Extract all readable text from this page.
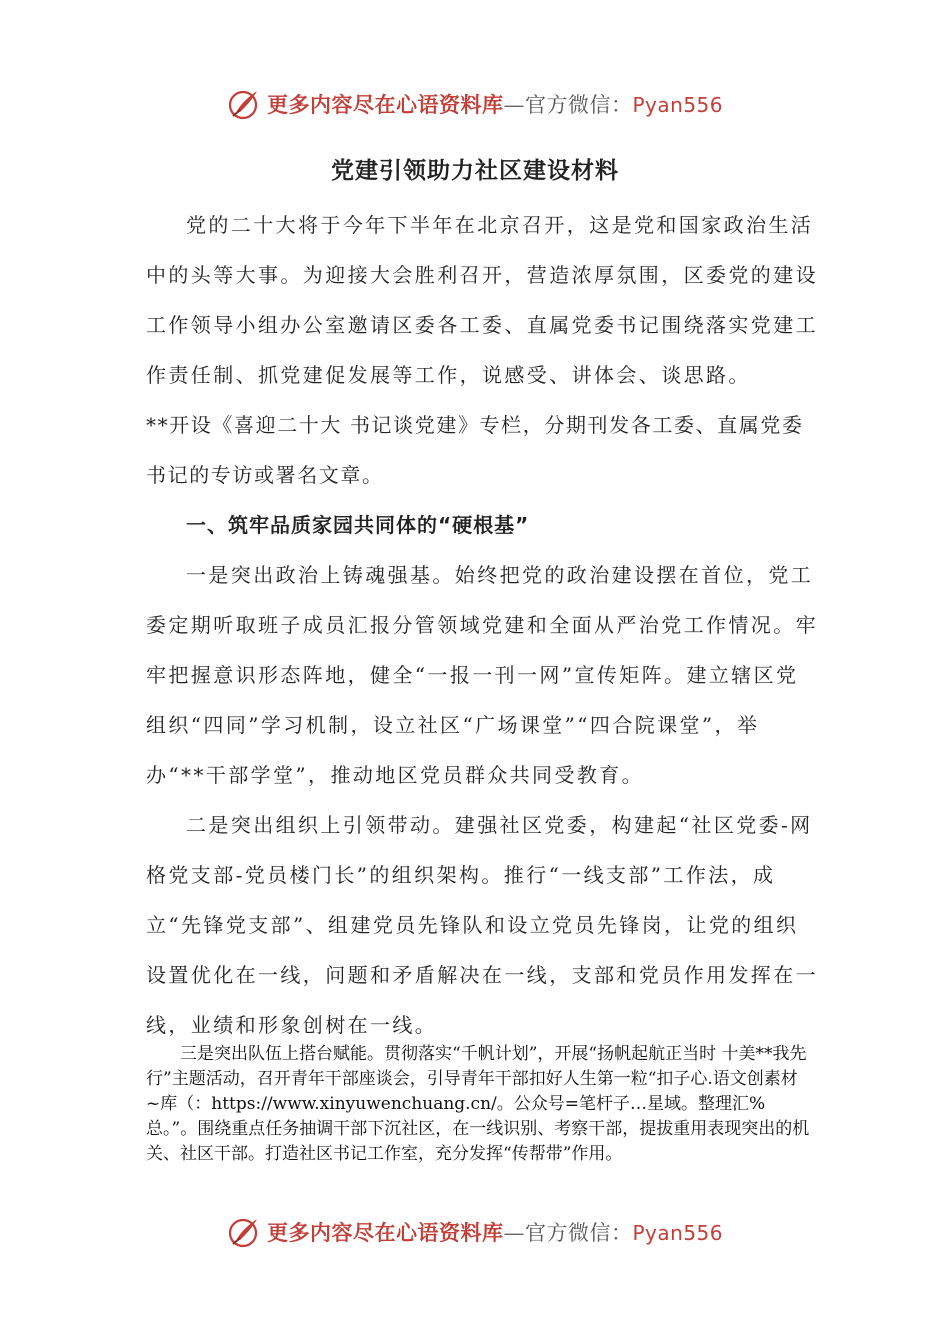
更多内容尽在心语资料库—官方微信：Pyan556
党建引领助力社区建设材料

党的二十大将于今年下半年在北京召开，这是党和国家政治生活中的头等大事。为迎接大会胜利召开，营造浓厚氛围，区委党的建设工作领导小组办公室邀请区委各工委、直属党委书记围绕落实党建工作责任制、抓党建促发展等工作，说感受、讲体会、谈思路。

**开设《喜迎二十大 书记谈党建》专栏，分期刊发各工委、直属党委书记的专访或署名文章。

一、筑牢品质家园共同体的“硬根基”

一是突出政治上铸魂强基。始终把党的政治建设摆在首位，党工委定期听取班子成员汇报分管领域党建和全面从严治党工作情况。牢牢把握意识形态阵地，健全“一报一刊一网”宣传矩阵。建立辖区党组织“四同”学习机制，设立社区“广场课堂”“四合院课堂”，举办“**干部学堂”，推动地区党员群众共同受教育。

二是突出组织上引领带动。建强社区党委，构建起“社区党委-网格党支部-党员楼门长”的组织架构。推行“一线支部”工作法，成立“先锋党支部”、组建党员先锋队和设立党员先锋岗，让党的组织设置优化在一线，问题和矛盾解决在一线，支部和党员作用发挥在一线，业绩和形象创树在一线。

三是突出队伍上搭台赋能。贯彻落实“千帆计划”，开展“扬帆起航正当时 十美**我先行”主题活动，召开青年干部座谈会，引导青年干部扣好人生第一粒“扣子心.语文创素材~库（：https://www.xinyuwenchuang.cn/。公众号=笔杆子…星域。整理汇%总。”。围绕重点任务抽调干部下沉社区，在一线识别、考察干部，提拔重用表现突出的机关、社区干部。打造社区书记工作室，充分发挥“传帮带”作用。

更多内容尽在心语资料库—官方微信：Pyan556
